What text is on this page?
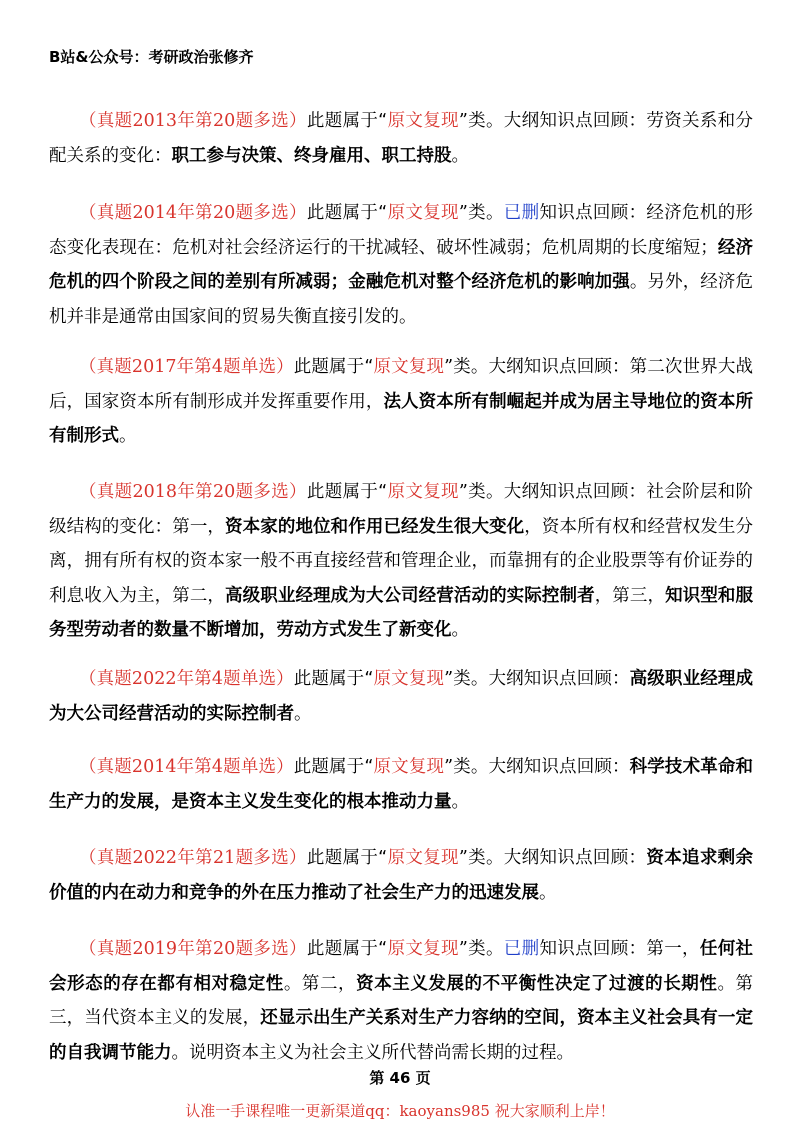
B站&公众号：考研政治张修齐
（真题2013年第20题多选）此题属于“原文复现”类。大纲知识点回顾：劳资关系和分配关系的变化：职工参与决策、终身雇用、职工持股。
（真题2014年第20题多选）此题属于“原文复现”类。已删知识点回顾：经济危机的形态变化表现在：危机对社会经济运行的干扰减轻、破坏性减弱；危机周期的长度缩短；经济危机的四个阶段之间的差别有所减弱；金融危机对整个经济危机的影响加强。另外，经济危机并非是通常由国家间的贸易失衡直接引发的。
（真题2017年第4题单选）此题属于“原文复现”类。大纲知识点回顾：第二次世界大战后，国家资本所有制形成并发挥重要作用，法人资本所有制崛起并成为居主导地位的资本所有制形式。
（真题2018年第20题多选）此题属于“原文复现”类。大纲知识点回顾：社会阶层和阶级结构的变化：第一，资本家的地位和作用已经发生很大变化，资本所有权和经营权发生分离，拥有所有权的资本家一般不再直接经营和管理企业，而靠拥有的企业股票等有价证券的利息收入为主，第二，高级职业经理成为大公司经营活动的实际控制者，第三，知识型和服务型劳动者的数量不断增加，劳动方式发生了新变化。
（真题2022年第4题单选）此题属于“原文复现”类。大纲知识点回顾：高级职业经理成为大公司经营活动的实际控制者。
（真题2014年第4题单选）此题属于“原文复现”类。大纲知识点回顾：科学技术革命和生产力的发展，是资本主义发生变化的根本推动力量。
（真题2022年第21题多选）此题属于“原文复现”类。大纲知识点回顾：资本追求剩余价值的内在动力和竞争的外在压力推动了社会生产力的迅速发展。
（真题2019年第20题多选）此题属于“原文复现”类。已删知识点回顾：第一，任何社会形态的存在都有相对稳定性。第二，资本主义发展的不平衡性决定了过渡的长期性。第三，当代资本主义的发展，还显示出生产关系对生产力容纳的空间，资本主义社会具有一定的自我调节能力。说明资本主义为社会主义所代替尚需长期的过程。
第 46 页
认准一手课程唯一更新渠道qq：kaoyans985 祝大家顺利上岸！
